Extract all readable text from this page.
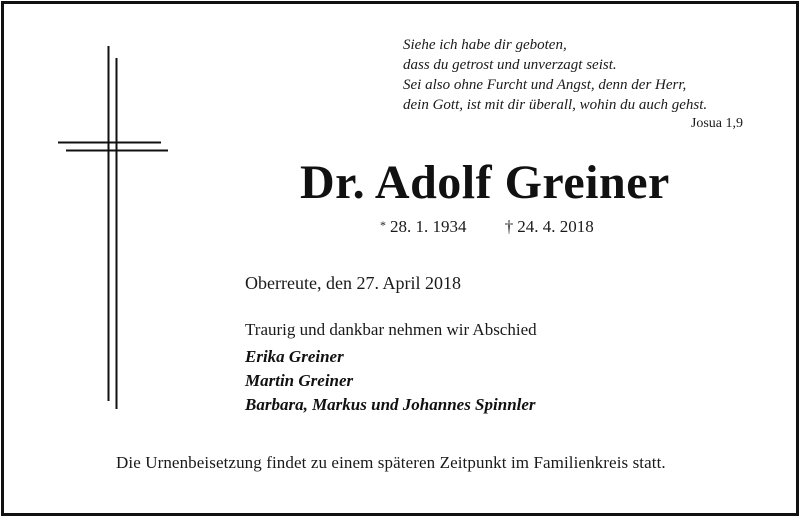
Siehe ich habe dir geboten,
dass du getrost und unverzagt seist.
Sei also ohne Furcht und Angst, denn der Herr,
dein Gott, ist mit dir überall, wohin du auch gehst.
Josua 1,9
Dr. Adolf Greiner
* 28. 1. 1934 † 24. 4. 2018
Oberreute, den 27. April 2018
Traurig und dankbar nehmen wir Abschied
Erika Greiner
Martin Greiner
Barbara, Markus und Johannes Spinnler
Die Urnenbeisetzung findet zu einem späteren Zeitpunkt im Familienkreis statt.
